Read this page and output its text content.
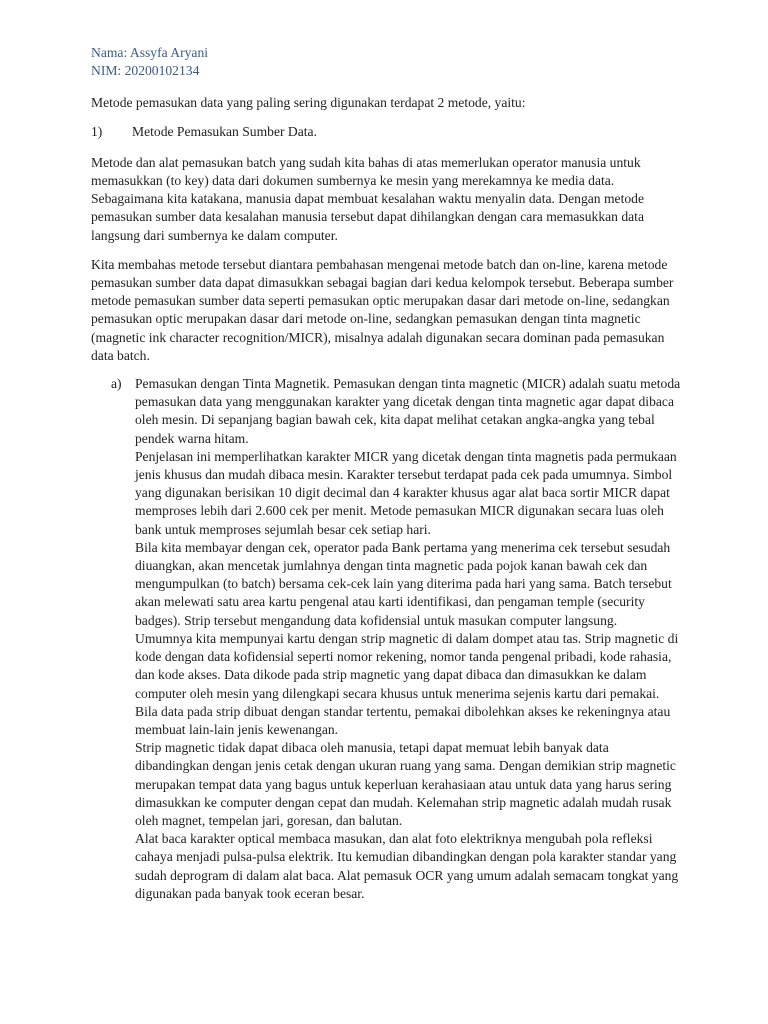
Nama: Assyfa Aryani
NIM: 20200102134

Metode pemasukan data yang paling sering digunakan terdapat 2 metode, yaitu:

1)	Metode Pemasukan Sumber Data.

Metode dan alat pemasukan batch yang sudah kita bahas di atas memerlukan operator manusia untuk memasukkan (to key) data dari dokumen sumbernya ke mesin yang merekamnya ke media data. Sebagaimana kita katakana, manusia dapat membuat kesalahan waktu menyalin data. Dengan metode pemasukan sumber data kesalahan manusia tersebut dapat dihilangkan dengan cara memasukkan data langsung dari sumbernya ke dalam computer.

Kita membahas metode tersebut diantara pembahasan mengenai metode batch dan on-line, karena metode pemasukan sumber data dapat dimasukkan sebagai bagian dari kedua kelompok tersebut. Beberapa sumber metode pemasukan sumber data seperti pemasukan optic merupakan dasar dari metode on-line, sedangkan pemasukan optic merupakan dasar dari metode on-line, sedangkan pemasukan dengan tinta magnetic (magnetic ink character recognition/MICR), misalnya adalah digunakan secara dominan pada pemasukan data batch.

a) Pemasukan dengan Tinta Magnetik. Pemasukan dengan tinta magnetic (MICR) adalah suatu metoda pemasukan data yang menggunakan karakter yang dicetak dengan tinta magnetic agar dapat dibaca oleh mesin. Di sepanjang bagian bawah cek, kita dapat melihat cetakan angka-angka yang tebal pendek warna hitam.

Penjelasan ini memperlihatkan karakter MICR yang dicetak dengan tinta magnetis pada permukaan jenis khusus dan mudah dibaca mesin. Karakter tersebut terdapat pada cek pada umumnya. Simbol yang digunakan berisikan 10 digit decimal dan 4 karakter khusus agar alat baca sortir MICR dapat memproses lebih dari 2.600 cek per menit. Metode pemasukan MICR digunakan secara luas oleh bank untuk memproses sejumlah besar cek setiap hari.

Bila kita membayar dengan cek, operator pada Bank pertama yang menerima cek tersebut sesudah diuangkan, akan mencetak jumlahnya dengan tinta magnetic pada pojok kanan bawah cek dan mengumpulkan (to batch) bersama cek-cek lain yang diterima pada hari yang sama. Batch tersebut akan melewati satu area kartu pengenal atau karti identifikasi, dan pengaman temple (security badges). Strip tersebut mengandung data kofidensial untuk masukan computer langsung.

Umumnya kita mempunyai kartu dengan strip magnetic di dalam dompet atau tas. Strip magnetic di kode dengan data kofidensial seperti nomor rekening, nomor tanda pengenal pribadi, kode rahasia, dan kode akses. Data dikode pada strip magnetic yang dapat dibaca dan dimasukkan ke dalam computer oleh mesin yang dilengkapi secara khusus untuk menerima sejenis kartu dari pemakai. Bila data pada strip dibuat dengan standar tertentu, pemakai dibolehkan akses ke rekeningnya atau membuat lain-lain jenis kewenangan.

Strip magnetic tidak dapat dibaca oleh manusia, tetapi dapat memuat lebih banyak data dibandingkan dengan jenis cetak dengan ukuran ruang yang sama. Dengan demikian strip magnetic merupakan tempat data yang bagus untuk keperluan kerahasiaan atau untuk data yang harus sering dimasukkan ke computer dengan cepat dan mudah. Kelemahan strip magnetic adalah mudah rusak oleh magnet, tempelan jari, goresan, dan balutan.

Alat baca karakter optical membaca masukan, dan alat foto elektriknya mengubah pola refleksi cahaya menjadi pulsa-pulsa elektrik. Itu kemudian dibandingkan dengan pola karakter standar yang sudah deprogram di dalam alat baca. Alat pemasuk OCR yang umum adalah semacam tongkat yang digunakan pada banyak took eceran besar.
